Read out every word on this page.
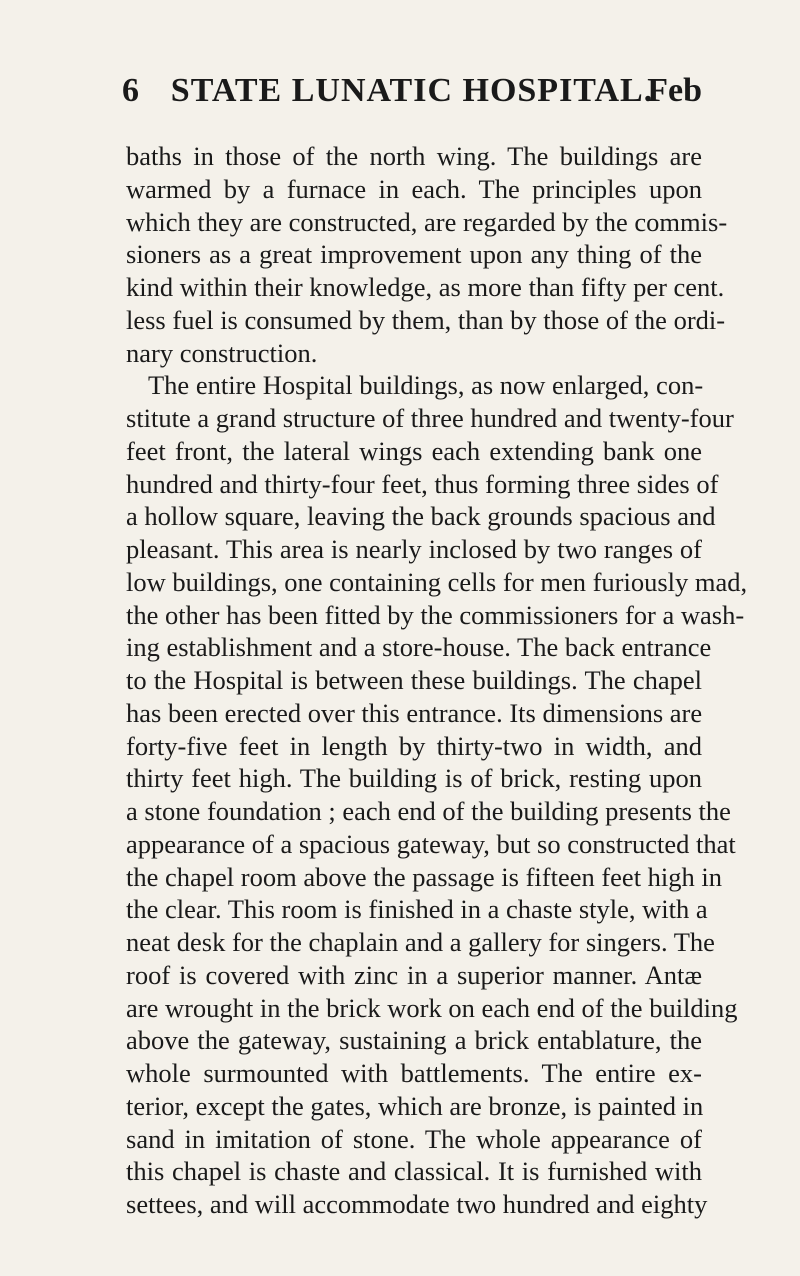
6 STATE LUNATIC HOSPITAL.
Feb
baths in those of the north wing. The buildings are
warmed by a furnace in each. The principles upon
which they are constructed, are regarded by the commis-
sioners as a great improvement upon any thing of the
kind within their knowledge, as more than fifty per cent.
less fuel is consumed by them, than by those of the ordi-
nary construction.
The entire Hospital buildings, as now enlarged, con-
stitute a grand structure of three hundred and twenty-four
feet front, the lateral wings each extending bank one
hundred and thirty-four feet, thus forming three sides of
a hollow square, leaving the back grounds spacious and
pleasant. This area is nearly inclosed by two ranges of
low buildings, one containing cells for men furiously mad,
the other has been fitted by the commissioners for a wash-
ing establishment and a store-house. The back entrance
to the Hospital is between these buildings. The chapel
has been erected over this entrance. Its dimensions are
forty-five feet in length by thirty-two in width, and
thirty feet high. The building is of brick, resting upon
a stone foundation ; each end of the building presents the
appearance of a spacious gateway, but so constructed that
the chapel room above the passage is fifteen feet high in
the clear. This room is finished in a chaste style, with a
neat desk for the chaplain and a gallery for singers. The
roof is covered with zinc in a superior manner. Antæ
are wrought in the brick work on each end of the building
above the gateway, sustaining a brick entablature, the
whole surmounted with battlements. The entire ex-
terior, except the gates, which are bronze, is painted in
sand in imitation of stone. The whole appearance of
this chapel is chaste and classical. It is furnished with
settees, and will accommodate two hundred and eighty
